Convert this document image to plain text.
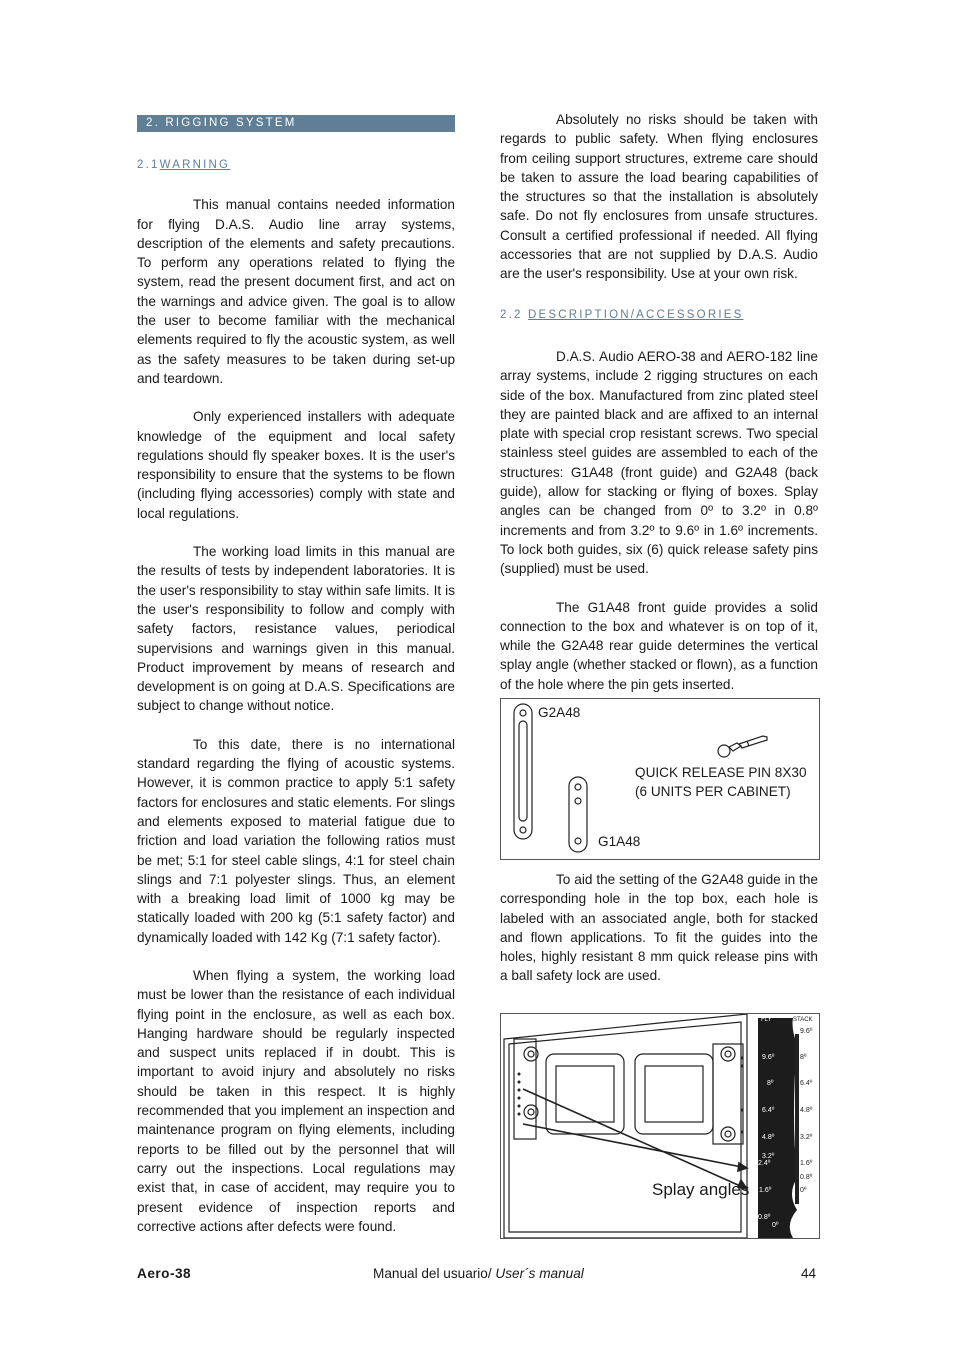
2. RIGGING SYSTEM
2.1WARNING

This manual contains needed information for flying D.A.S. Audio line array systems, description of the elements and safety precautions. To perform any operations related to flying the system, read the present document first, and act on the warnings and advice given. The goal is to allow the user to become familiar with the mechanical elements required to fly the acoustic system, as well as the safety measures to be taken during set-up and teardown.

Only experienced installers with adequate knowledge of the equipment and local safety regulations should fly speaker boxes. It is the user's responsibility to ensure that the systems to be flown (including flying accessories) comply with state and local regulations.

The working load limits in this manual are the results of tests by independent laboratories. It is the user's responsibility to stay within safe limits. It is the user's responsibility to follow and comply with safety factors, resistance values, periodical supervisions and warnings given in this manual. Product improvement by means of research and development is on going at D.A.S. Specifications are subject to change without notice.

To this date, there is no international standard regarding the flying of acoustic systems. However, it is common practice to apply 5:1 safety factors for enclosures and static elements. For slings and elements exposed to material fatigue due to friction and load variation the following ratios must be met; 5:1 for steel cable slings, 4:1 for steel chain slings and 7:1 polyester slings. Thus, an element with a breaking load limit of 1000 kg may be statically loaded with 200 kg (5:1 safety factor) and dynamically loaded with 142 Kg (7:1 safety factor).

When flying a system, the working load must be lower than the resistance of each individual flying point in the enclosure, as well as each box. Hanging hardware should be regularly inspected and suspect units replaced if in doubt. This is important to avoid injury and absolutely no risks should be taken in this respect. It is highly recommended that you implement an inspection and maintenance program on flying elements, including reports to be filled out by the personnel that will carry out the inspections. Local regulations may exist that, in case of accident, may require you to present evidence of inspection reports and corrective actions after defects were found.

Absolutely no risks should be taken with regards to public safety. When flying enclosures from ceiling support structures, extreme care should be taken to assure the load bearing capabilities of the structures so that the installation is absolutely safe. Do not fly enclosures from unsafe structures. Consult a certified professional if needed. All flying accessories that are not supplied by D.A.S. Audio are the user's responsibility. Use at your own risk.

2.2 DESCRIPTION/ACCESSORIES

D.A.S. Audio AERO-38 and AERO-182 line array systems, include 2 rigging structures on each side of the box. Manufactured from zinc plated steel they are painted black and are affixed to an internal plate with special crop resistant screws. Two special stainless steel guides are assembled to each of the structures: G1A48 (front guide) and G2A48 (back guide), allow for stacking or flying of boxes. Splay angles can be changed from 0º to 3.2º in 0.8º increments and from 3.2º to 9.6º in 1.6º increments. To lock both guides, six (6) quick release safety pins (supplied) must be used.

The G1A48 front guide provides a solid connection to the box and whatever is on top of it, while the G2A48 rear guide determines the vertical splay angle (whether stacked or flown), as a function of the hole where the pin gets inserted.

G2A48
G1A48
QUICK RELEASE PIN 8X30
(6 UNITS PER CABINET)

To aid the setting of the G2A48 guide in the corresponding hole in the top box, each hole is labeled with an associated angle, both for stacked and flown applications. To fit the guides into the holes, highly resistant 8 mm quick release pins with a ball safety lock are used.

Splay angles
FLY	STACK
9.6º
8º
6.4º
4.8º
3.2º
2.4º
1.6º
0.8º
0º
9.6º
8º
6.4º
4.8º
3.2º
1.6º
0.8º
0º
Aero-38	Manual del usuario/ User´s manual	44
